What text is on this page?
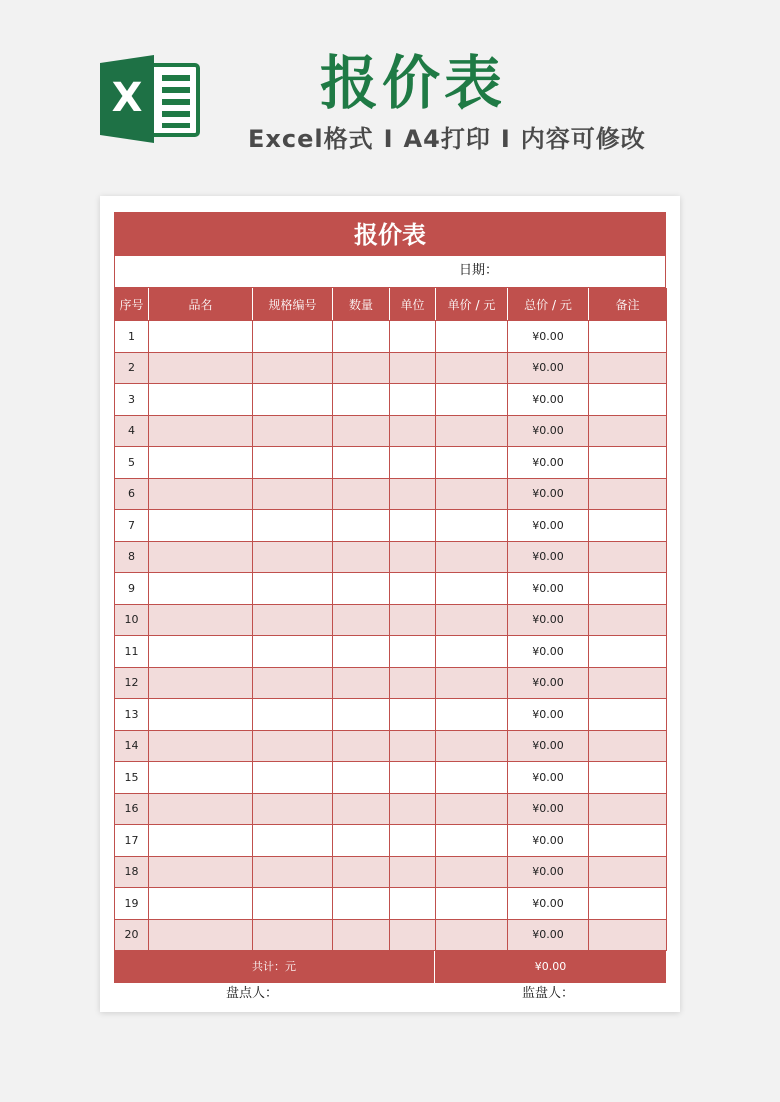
X	报价表
Excel格式 I A4打印 I 内容可修改
报价表
日期：
序号	品名	规格编号	数量	单位	单价 / 元	总价 / 元	备注
1						¥0.00	
2						¥0.00	
3						¥0.00	
4						¥0.00	
5						¥0.00	
6						¥0.00	
7						¥0.00	
8						¥0.00	
9						¥0.00	
10						¥0.00	
11						¥0.00	
12						¥0.00	
13						¥0.00	
14						¥0.00	
15						¥0.00	
16						¥0.00	
17						¥0.00	
18						¥0.00	
19						¥0.00	
20						¥0.00	
共计：元	¥0.00
盘点人：	监盘人：
